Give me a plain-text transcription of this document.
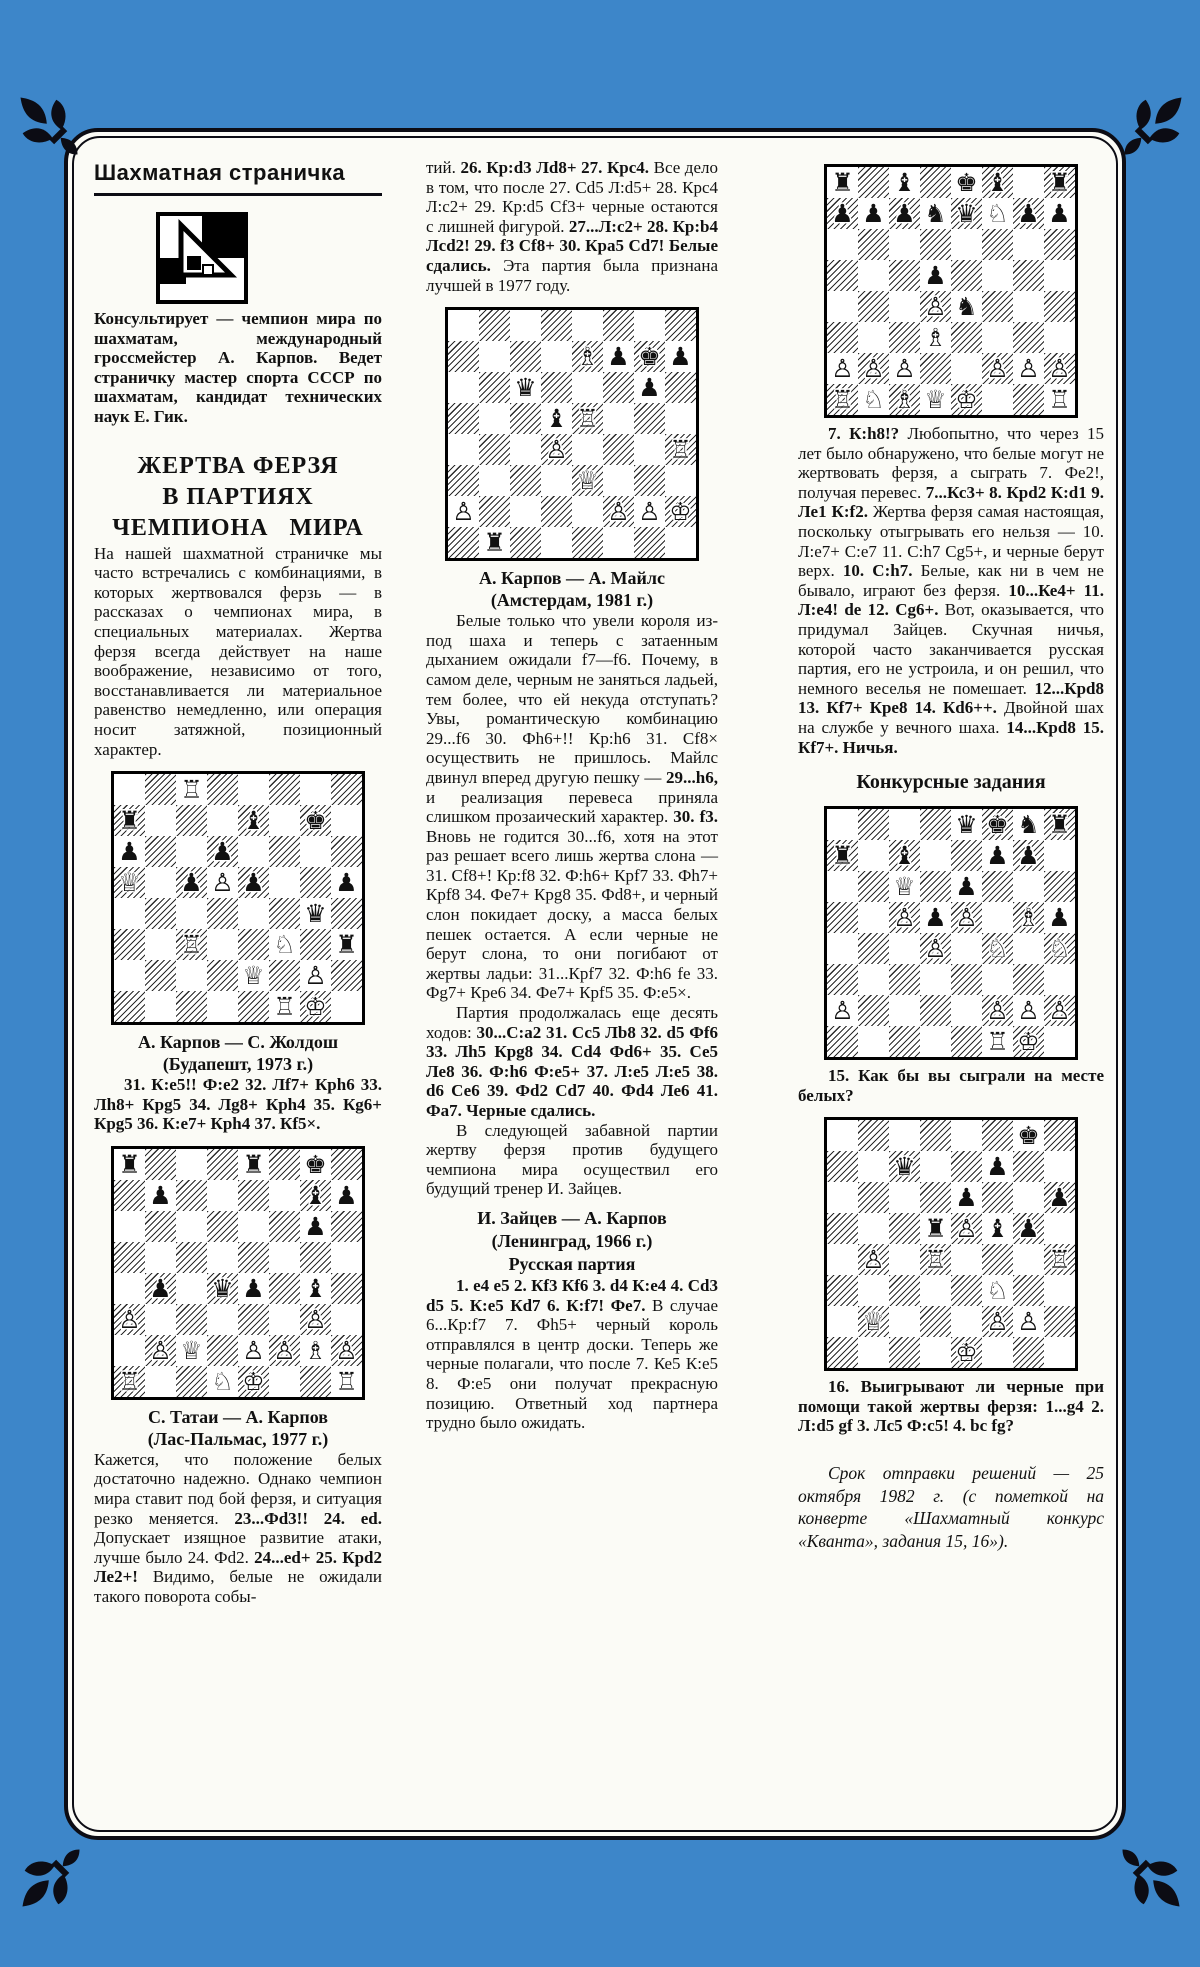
Шахматная страничка

Консультирует — чемпион мира по шахматам, международный гроссмейстер А. Карпов. Ведет страничку мастер спорта СССР по шахматам, кандидат технических наук Е. Гик.

ЖЕРТВА ФЕРЗЯ
В ПАРТИЯХ
ЧЕМПИОНА МИРА

На нашей шахматной страничке мы часто встречались с комбинациями, в которых жертвовался ферзь — в рассказах о чемпионах мира, в специальных материалах. Жертва ферзя всегда действует на наше воображение, независимо от того, восстанавливается ли материальное равенство немедленно, или операция носит затяжной, позиционный характер.

♖
♜	♝ ♚
♟	♟
♕ ♟ ♙ ♟	♟
♛
♖	♘ ♜
♕ ♙
♖ ♔
А. Карпов — С. Жолдош
(Будапешт, 1973 г.)

31. К:е5!! Ф:е2 32. Лf7+ Крh6 33. Лh8+ Крg5 34. Лg8+ Крh4 35. Кg6+ Крg5 36. К:е7+ Крh4 37. Кf5×.

♜	♜ ♚
♟	♝ ♟
♟
♟ ♛ ♟ ♝
♙	♙
♙ ♕ ♙ ♙ ♗ ♙
♖	♘ ♔	♖
С. Татаи — А. Карпов
(Лас-Пальмас, 1977 г.)

Кажется, что положение белых достаточно надежно. Однако чемпион мира ставит под бой ферзя, и ситуация резко меняется. 23...Фd3!! 24. ed. Допускает изящное развитие атаки, лучше было 24. Фd2. 24...ed+ 25. Крd2 Ле2+! Видимо, белые не ожидали такого поворота собы-

тий. 26. Кр:d3 Лd8+ 27. Крс4. Все дело в том, что после 27. Сd5 Л:d5+ 28. Крс4 Л:с2+ 29. Кр:d5 Сf3+ черные остаются с лишней фигурой. 27...Л:с2+ 28. Кр:b4 Лсd2! 29. f3 Сf8+ 30. Кра5 Сd7! Белые сдались. Эта партия была признана лучшей в 1977 году.

♗ ♟ ♚ ♟
♛	♟
♝ ♖
♙	♖
♕
♙	♙ ♙ ♔
♜
А. Карпов — А. Майлс
(Амстердам, 1981 г.)

Белые только что увели короля из-под шаха и теперь с затаенным дыханием ожидали f7—f6. Почему, в самом деле, черным не заняться ладьей, тем более, что ей некуда отступать? Увы, романтическую комбинацию 29...f6 30. Фh6+!! Кр:h6 31. Сf8× осуществить не пришлось. Майлс двинул вперед другую пешку — 29...h6, и реализация перевеса приняла слишком прозаический характер. 30. f3. Вновь не годится 30...f6, хотя на этот раз решает всего лишь жертва слона — 31. Сf8+! Кр:f8 32. Ф:h6+ Крf7 33. Фh7+ Крf8 34. Фе7+ Крg8 35. Фd8+, и черный слон покидает доску, а масса белых пешек остается. А если черные не берут слона, то они погибают от жертвы ладьи: 31...Крf7 32. Ф:h6 fe 33. Фg7+ Кре6 34. Фе7+ Крf5 35. Ф:е5×.

Партия продолжалась еще десять ходов: 30...С:а2 31. Сс5 Лb8 32. d5 Фf6 33. Лh5 Крg8 34. Сd4 Фd6+ 35. Се5 Ле8 36. Ф:h6 Ф:е5+ 37. Л:е5 Л:е5 38. d6 Се6 39. Фd2 Сd7 40. Фd4 Ле6 41. Фа7. Черные сдались.

В следующей забавной партии жертву ферзя против будущего чемпиона мира осуществил его будущий тренер И. Зайцев.

И. Зайцев — А. Карпов
(Ленинград, 1966 г.)
Русская партия

1. е4 е5 2. Кf3 Кf6 3. d4 К:е4 4. Сd3 d5 5. К:е5 Кd7 6. К:f7! Фе7. В случае 6...Кр:f7 7. Фh5+ черный король отправлялся в центр доски. Теперь же черные полагали, что после 7. Ке5 К:е5 8. Ф:е5 они получат прекрасную позицию. Ответный ход партнера трудно было ожидать.

♜ ♝ ♚ ♝ ♜
♟ ♟ ♟ ♞ ♛ ♘ ♟ ♟
♟
♙ ♞
♗
♙ ♙ ♙	♙ ♙ ♙
♖ ♘ ♗ ♕ ♔	♖

7. К:h8!? Любопытно, что через 15 лет было обнаружено, что белые могут не жертвовать ферзя, а сыграть 7. Фе2!, получая перевес. 7...Кс3+ 8. Крd2 К:d1 9. Ле1 К:f2. Жертва ферзя самая настоящая, поскольку отыгрывать его нельзя — 10. Л:е7+ С:е7 11. С:h7 Сg5+, и черные берут верх. 10. С:h7. Белые, как ни в чем не бывало, играют без ферзя. 10...Ке4+ 11. Л:е4! dе 12. Сg6+. Вот, оказывается, что придумал Зайцев. Скучная ничья, которой часто заканчивается русская партия, его не устроила, и он решил, что немного веселья не помешает. 12...Крd8 13. Кf7+ Кре8 14. Кd6++. Двойной шах на службе у вечного шаха. 14...Крd8 15. Кf7+. Ничья.

Конкурсные задания
♛ ♚ ♞ ♜
♜ ♝	♟ ♟
♕ ♟
♙ ♟ ♙ ♗ ♟
♙ ♘ ♘
♙	♙ ♙ ♙
♖ ♔

15. Как бы вы сыграли на месте белых?

♚
♛	♟
♟	♟
♜ ♙ ♝ ♟
♙ ♖	♖
♘
♕	♙ ♙
♔

16. Выигрывают ли черные при помощи такой жертвы ферзя: 1...g4 2. Л:d5 gf 3. Лс5 Ф:с5! 4. bc fg?

Срок отправки решений — 25 октября 1982 г. (с пометкой на конверте «Шахматный конкурс «Кванта», задания 15, 16»).
